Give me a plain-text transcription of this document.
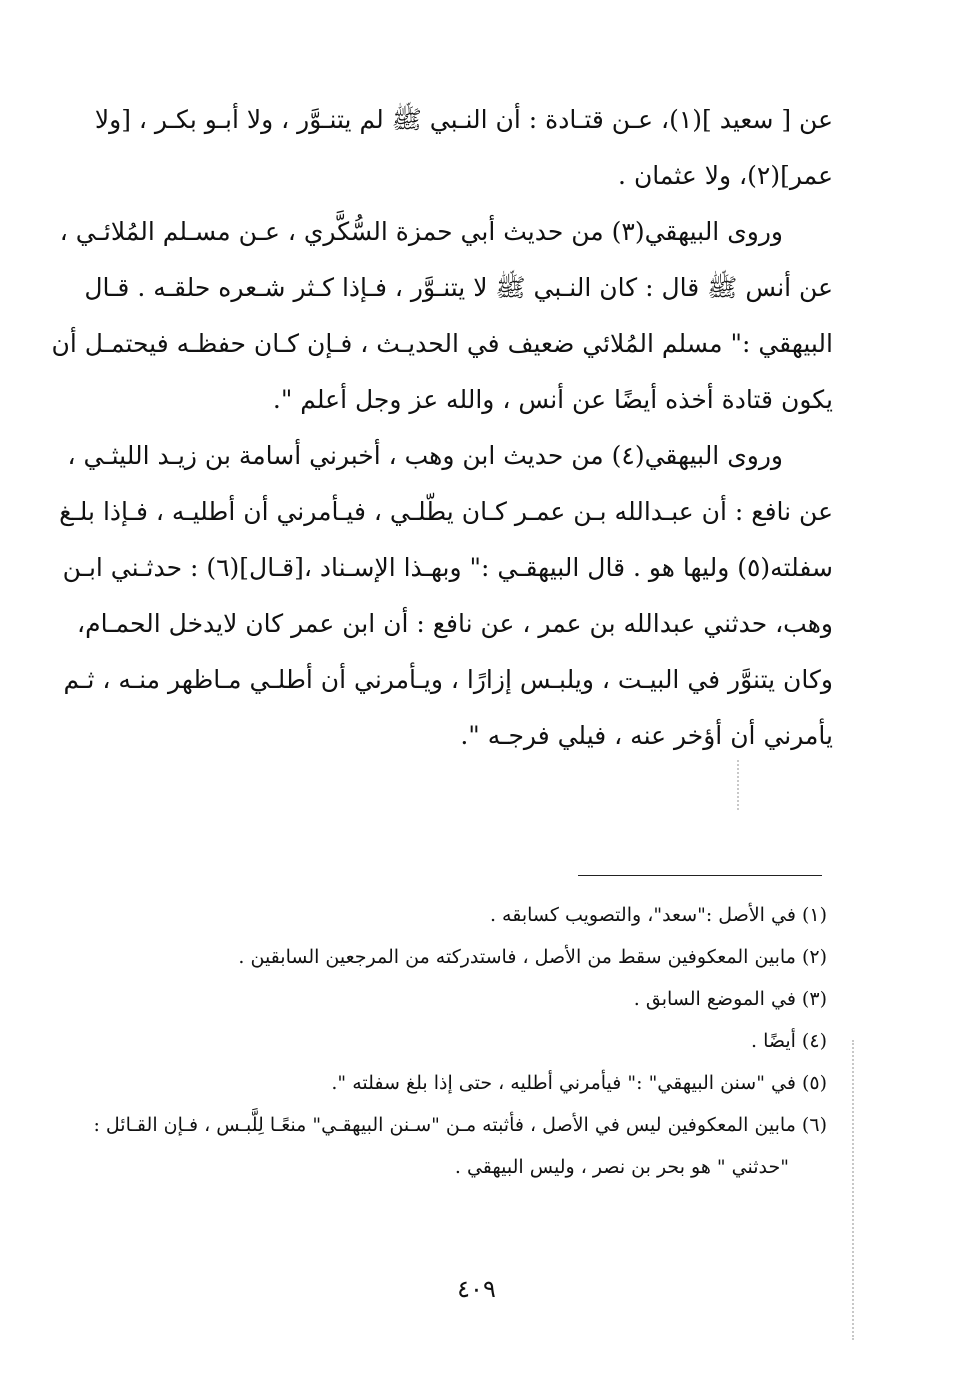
عن [ سعيد ](١)، عـن قتـادة : أن النـبي ﷺ لم يتنـوَّر ، ولا أبـو بكـر ، [ولا
عمر](٢)، ولا عثمان .
وروى البيهقي(٣) من حديث أبي حمزة السُّكَّري ، عـن مسـلم المُلائـي ،
عن أنس ﷺ قال : كان النـبي ﷺ لا يتنـوَّر ، فـإذا كـثر شـعره حلقـه . قـال
البيهقي :" مسلم المُلائي ضعيف في الحديـث ، فـإن كـان حفظـه فيحتمـل أن
يكون قتادة أخذه أيضًا عن أنس ، والله عز وجل أعلم ".
وروى البيهقي(٤) من حديث ابن وهب ، أخبرني أسامة بن زيـد الليثـي ،
عن نافع : أن عبـدالله بـن عمـر كـان يطّلـي ، فيـأمرني أن أطليـه ، فـإذا بلـغ
سفلته(٥) وليها هو . قال البيهقـي :" وبهـذا الإسـناد ،[قـال](٦) : حدثـني ابـن
وهب، حدثني عبدالله بن عمر ، عن نافع : أن ابن عمر كان لايدخل الحمـام،
وكان يتنوَّر في البيـت ، ويلبـس إزارًا ، ويـأمرني أن أطلـي مـاظهر منـه ، ثـم
يأمرني أن أؤخر عنه ، فيلي فرجـه ".
(١) في الأصل :"سعد"، والتصويب كسابقه .
(٢) مابين المعكوفين سقط من الأصل ، فاستدركته من المرجعين السابقين .
(٣) في الموضع السابق .
(٤) أيضًا .
(٥) في "سنن البيهقي" :" فيأمرني أطليه ، حتى إذا بلغ سفلته ".
(٦) مابين المعكوفين ليس في الأصل ، فأثبته مـن "سـنن البيهقـي" منعًـا لِلَّبـس ، فـإن القـائل :
"حدثني " هو بحر بن نصر ، وليس البيهقي .
٤٠٩
